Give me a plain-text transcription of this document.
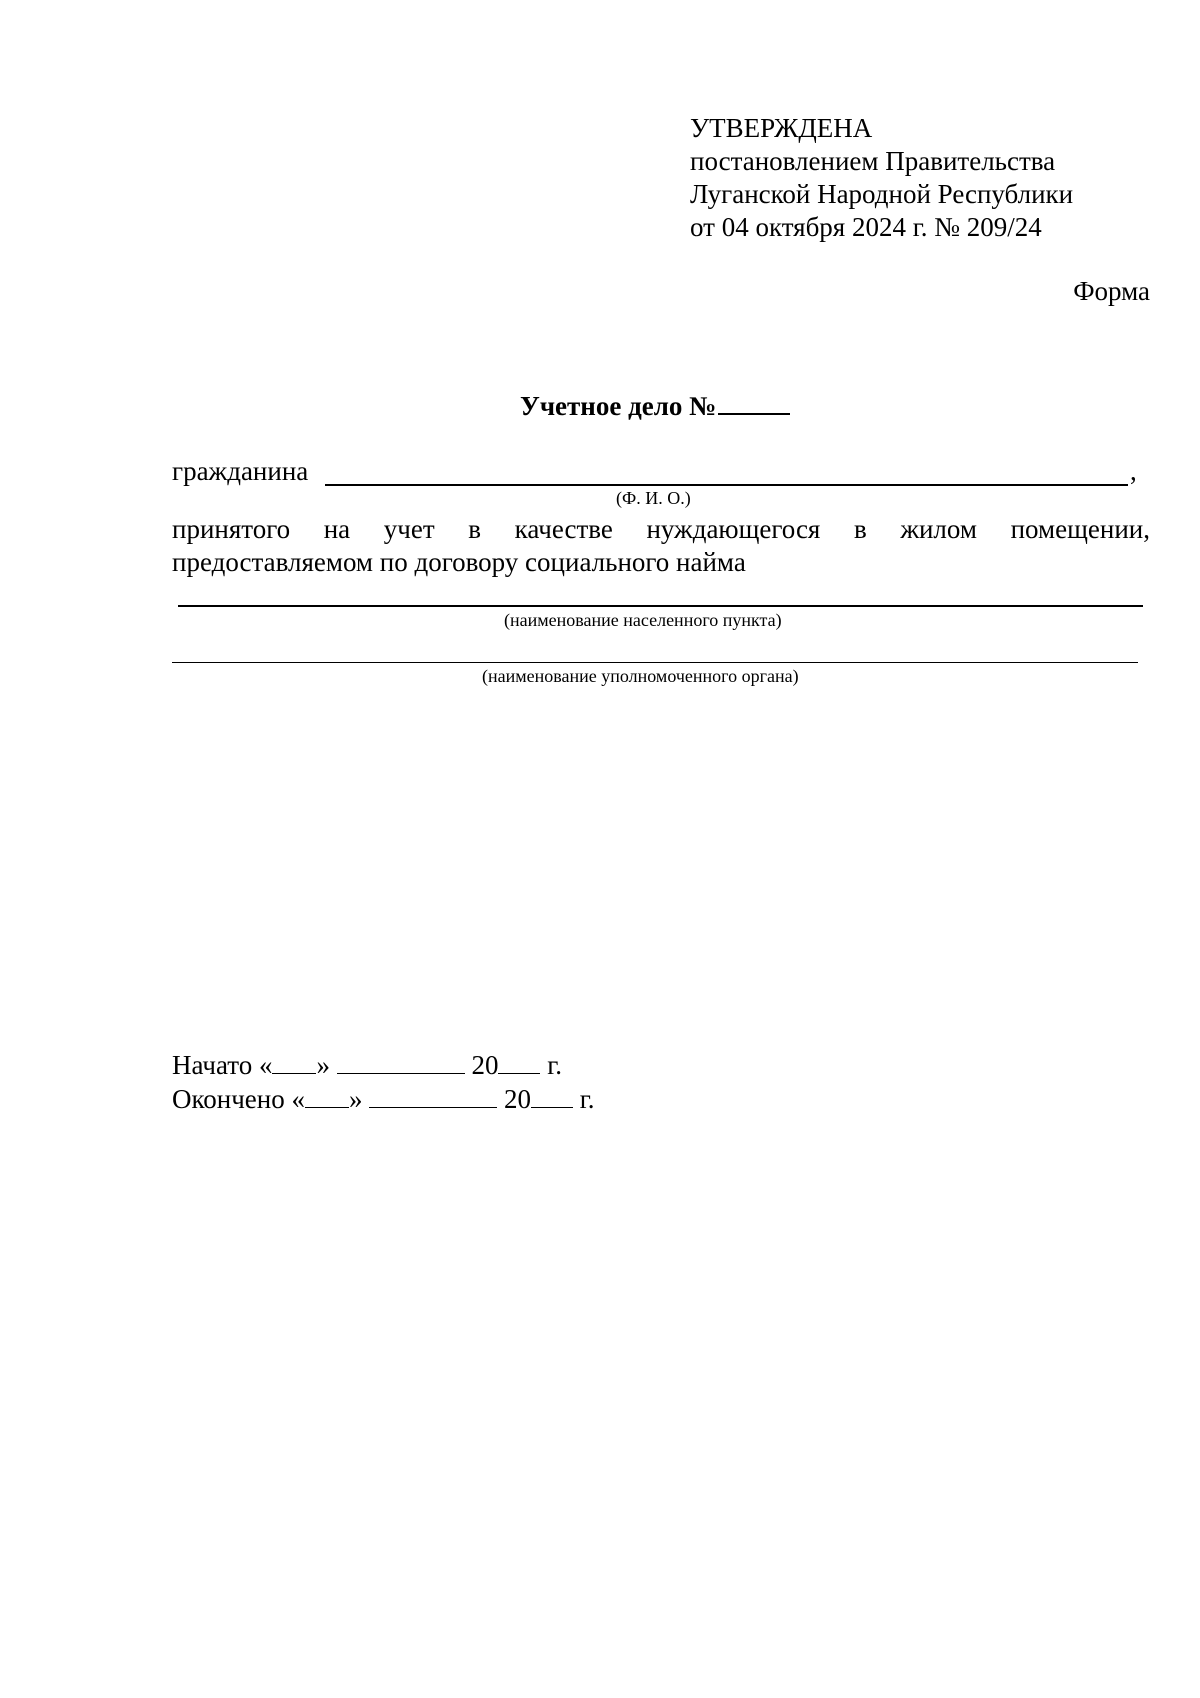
УТВЕРЖДЕНА
постановлением Правительства
Луганской Народной Республики
от 04 октября 2024 г. № 209/24
Форма
Учетное дело №
гражданина	,
(Ф. И. О.)
принятого на учет в качестве нуждающегося в жилом помещении,
предоставляемом по договору социального найма
(наименование населенного пункта)
(наименование уполномоченного органа)
Начато « »	20 г.
Окончено « »	20 г.
